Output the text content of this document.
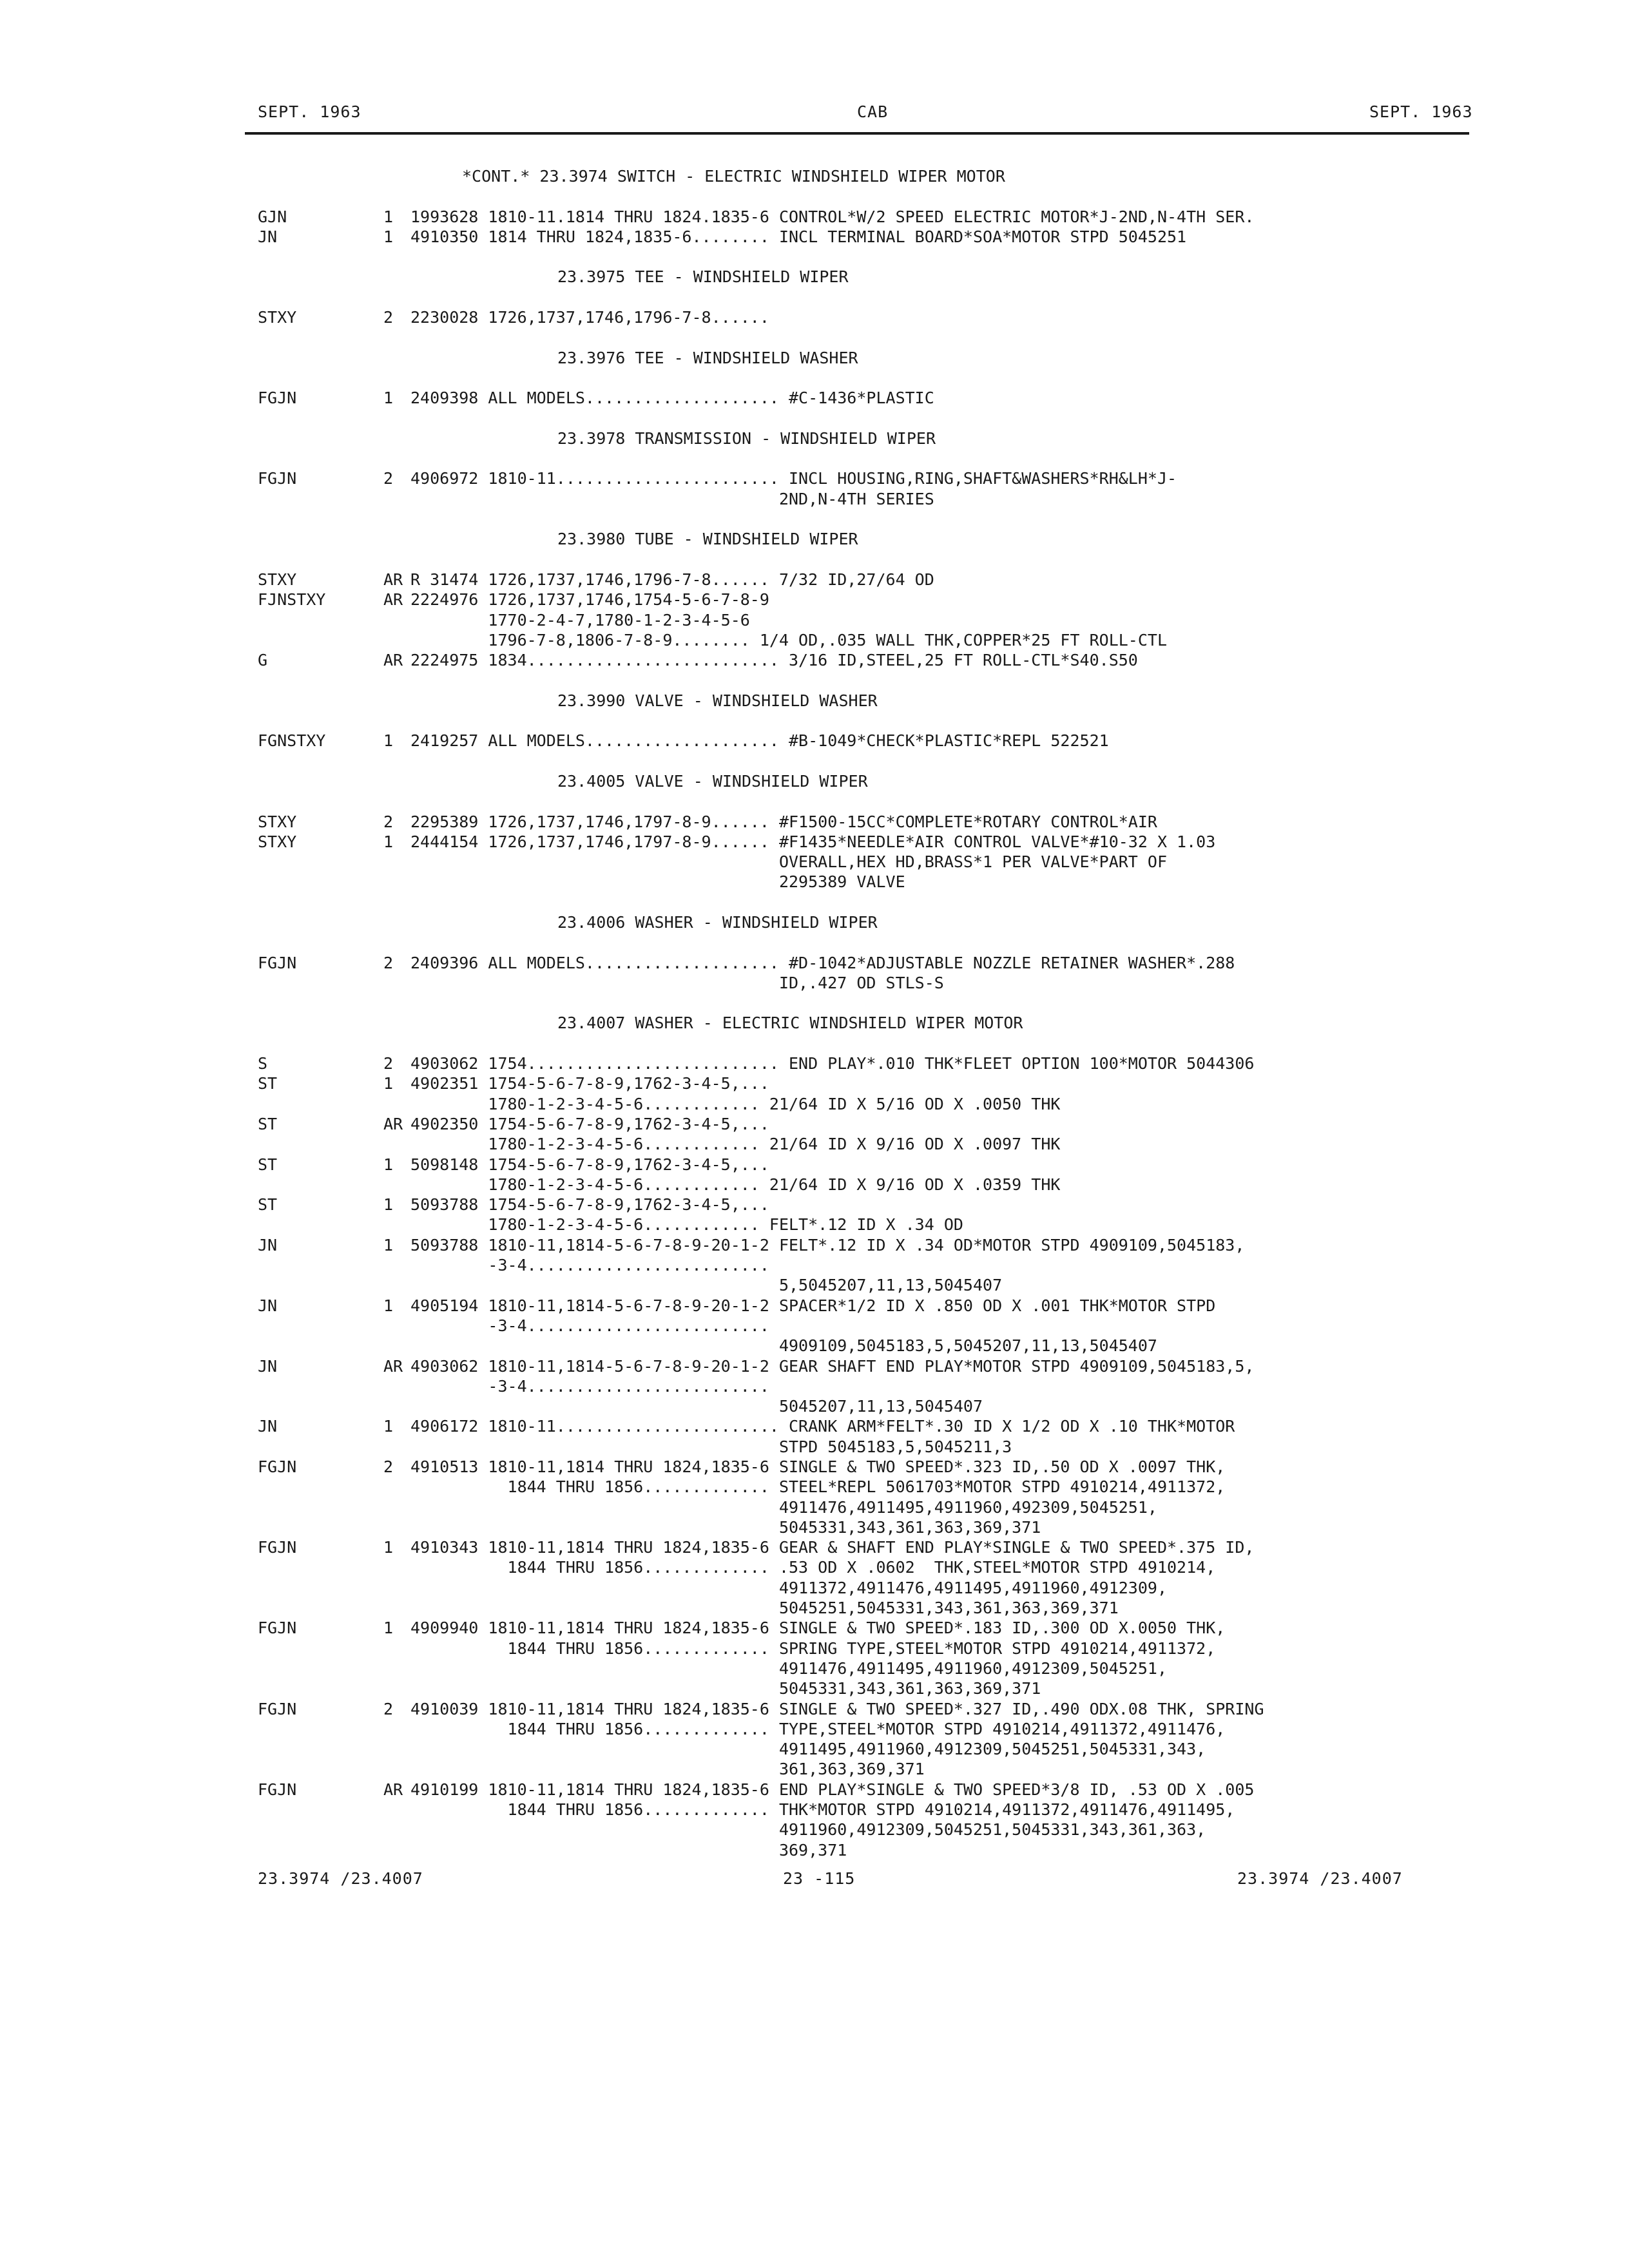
SEPT. 1963	CAB	SEPT. 1963
*CONT.* 23.3974 SWITCH - ELECTRIC WINDSHIELD WIPER MOTOR
GJN	1 1993628 1810-11.1814 THRU 1824.1835-6 CONTROL*W/2 SPEED ELECTRIC MOTOR*J-2ND,N-4TH SER.
JN	1 4910350 1814 THRU 1824,1835-6........ INCL TERMINAL BOARD*SOA*MOTOR STPD 5045251
23.3975 TEE - WINDSHIELD WIPER
STXY	2 2230028 1726,1737,1746,1796-7-8......
23.3976 TEE - WINDSHIELD WASHER
FGJN	1 2409398 ALL MODELS.................... #C-1436*PLASTIC
23.3978 TRANSMISSION - WINDSHIELD WIPER
FGJN	2 4906972 1810-11....................... INCL HOUSING,RING,SHAFT&WASHERS*RH&LH*J-
2ND,N-4TH SERIES
23.3980 TUBE - WINDSHIELD WIPER
STXY	AR R 31474 1726,1737,1746,1796-7-8...... 7/32 ID,27/64 OD
FJNSTXY	AR 2224976 1726,1737,1746,1754-5-6-7-8-9
1770-2-4-7,1780-1-2-3-4-5-6
1796-7-8,1806-7-8-9........ 1/4 OD,.035 WALL THK,COPPER*25 FT ROLL-CTL
G	AR 2224975 1834.......................... 3/16 ID,STEEL,25 FT ROLL-CTL*S40.S50
23.3990 VALVE - WINDSHIELD WASHER
FGNSTXY	1 2419257 ALL MODELS.................... #B-1049*CHECK*PLASTIC*REPL 522521
23.4005 VALVE - WINDSHIELD WIPER
STXY	2 2295389 1726,1737,1746,1797-8-9...... #F1500-15CC*COMPLETE*ROTARY CONTROL*AIR
STXY	1 2444154 1726,1737,1746,1797-8-9...... #F1435*NEEDLE*AIR CONTROL VALVE*#10-32 X 1.03
OVERALL,HEX HD,BRASS*1 PER VALVE*PART OF
2295389 VALVE
23.4006 WASHER - WINDSHIELD WIPER
FGJN	2 2409396 ALL MODELS.................... #D-1042*ADJUSTABLE NOZZLE RETAINER WASHER*.288
ID,.427 OD STLS-S
23.4007 WASHER - ELECTRIC WINDSHIELD WIPER MOTOR
S	2 4903062 1754.......................... END PLAY*.010 THK*FLEET OPTION 100*MOTOR 5044306
ST	1 4902351 1754-5-6-7-8-9,1762-3-4-5,...
1780-1-2-3-4-5-6............ 21/64 ID X 5/16 OD X .0050 THK
ST	AR 4902350 1754-5-6-7-8-9,1762-3-4-5,...
1780-1-2-3-4-5-6............ 21/64 ID X 9/16 OD X .0097 THK
ST	1 5098148 1754-5-6-7-8-9,1762-3-4-5,...
1780-1-2-3-4-5-6............ 21/64 ID X 9/16 OD X .0359 THK
ST	1 5093788 1754-5-6-7-8-9,1762-3-4-5,...
1780-1-2-3-4-5-6............ FELT*.12 ID X .34 OD
JN	1 5093788 1810-11,1814-5-6-7-8-9-20-1-2 FELT*.12 ID X .34 OD*MOTOR STPD 4909109,5045183,
-3-4.........................
5,5045207,11,13,5045407
JN	1 4905194 1810-11,1814-5-6-7-8-9-20-1-2 SPACER*1/2 ID X .850 OD X .001 THK*MOTOR STPD
-3-4.........................
4909109,5045183,5,5045207,11,13,5045407
JN	AR 4903062 1810-11,1814-5-6-7-8-9-20-1-2 GEAR SHAFT END PLAY*MOTOR STPD 4909109,5045183,5,
-3-4.........................
5045207,11,13,5045407
JN	1 4906172 1810-11....................... CRANK ARM*FELT*.30 ID X 1/2 OD X .10 THK*MOTOR
STPD 5045183,5,5045211,3
FGJN	2 4910513 1810-11,1814 THRU 1824,1835-6 SINGLE & TWO SPEED*.323 ID,.50 OD X .0097 THK,
1844 THRU 1856............. STEEL*REPL 5061703*MOTOR STPD 4910214,4911372,
4911476,4911495,4911960,492309,5045251,
5045331,343,361,363,369,371
FGJN	1 4910343 1810-11,1814 THRU 1824,1835-6 GEAR & SHAFT END PLAY*SINGLE & TWO SPEED*.375 ID,
1844 THRU 1856............. .53 OD X .0602  THK,STEEL*MOTOR STPD 4910214,
4911372,4911476,4911495,4911960,4912309,
5045251,5045331,343,361,363,369,371
FGJN	1 4909940 1810-11,1814 THRU 1824,1835-6 SINGLE & TWO SPEED*.183 ID,.300 OD X.0050 THK,
1844 THRU 1856............. SPRING TYPE,STEEL*MOTOR STPD 4910214,4911372,
4911476,4911495,4911960,4912309,5045251,
5045331,343,361,363,369,371
FGJN	2 4910039 1810-11,1814 THRU 1824,1835-6 SINGLE & TWO SPEED*.327 ID,.490 ODX.08 THK, SPRING
1844 THRU 1856............. TYPE,STEEL*MOTOR STPD 4910214,4911372,4911476,
4911495,4911960,4912309,5045251,5045331,343,
361,363,369,371
FGJN	AR 4910199 1810-11,1814 THRU 1824,1835-6 END PLAY*SINGLE & TWO SPEED*3/8 ID, .53 OD X .005
1844 THRU 1856............. THK*MOTOR STPD 4910214,4911372,4911476,4911495,
4911960,4912309,5045251,5045331,343,361,363,
369,371
23.3974 /23.4007	23 -115	23.3974 /23.4007
